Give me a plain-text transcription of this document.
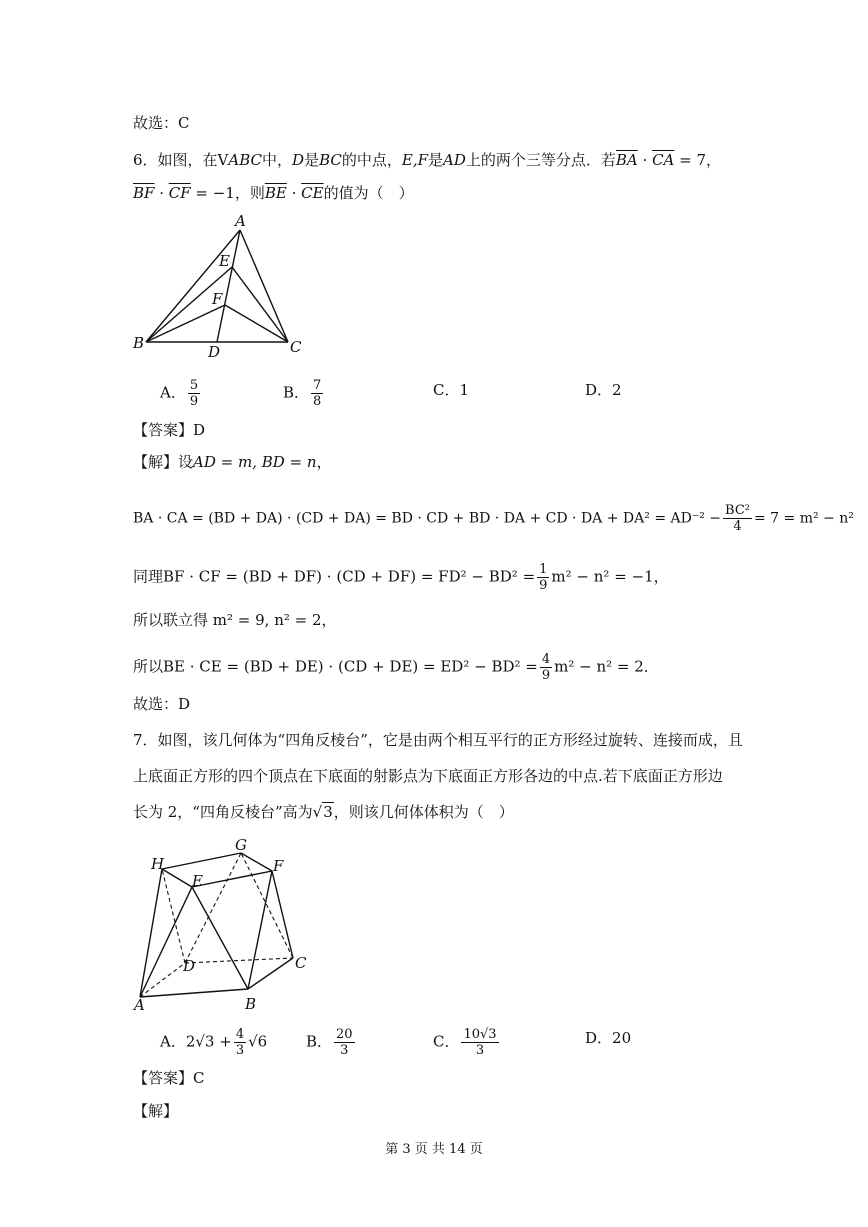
故选：C
6．如图，在VABC中，D是BC的中点，E,F是AD上的两个三等分点．若$\overline{BA} \cdot \overline{CA} = 7$，
$\overline{BF} \cdot \overline{CF} = -1$，则$\overline{BE} \cdot \overline{CE}$的值为（　）
A
E
F
B	D	C
A． $\frac{5}{9}$	B． $\frac{7}{8}$	C．1	D．2
【答案】D
【解】设AD = m, BD = n，
BA · CA = (BD + DA) · (CD + DA) = BD · CD + BD · DA + CD · DA + $DA^2 = AD^{-2} - \frac{\text{BC²}}{4} = 7 = m^2 - n^2$
同理BF · CF = $(BD + DF) \cdot (CD + DF) = FD^2 - BD^2 = \frac{1}{9} m^2 - n^2 = -1$，
所以联立得 m² = 9, n² = 2，
所以BE · CE = $(BD + DE) \cdot (CD + DE) = ED^2 - BD^2 = \frac{4}{9} m^2 - n^2 = 2$．
故选：D
7．如图，该几何体为“四角反棱台”，它是由两个相互平行的正方形经过旋转、连接而成，且
上底面正方形的四个顶点在下底面的射影点为下底面正方形各边的中点.若下底面正方形边
长为 2，“四角反棱台”高为√3，则该几何体体积为（　）
H
G
F
E
D	C
A	B
A．$2√3 + \frac{4}{3} √6$	B． $\frac{20}{3}$	C． $\frac{10√3}{3}$	D．20
【答案】C
【解】
第 3 页 共 14 页
